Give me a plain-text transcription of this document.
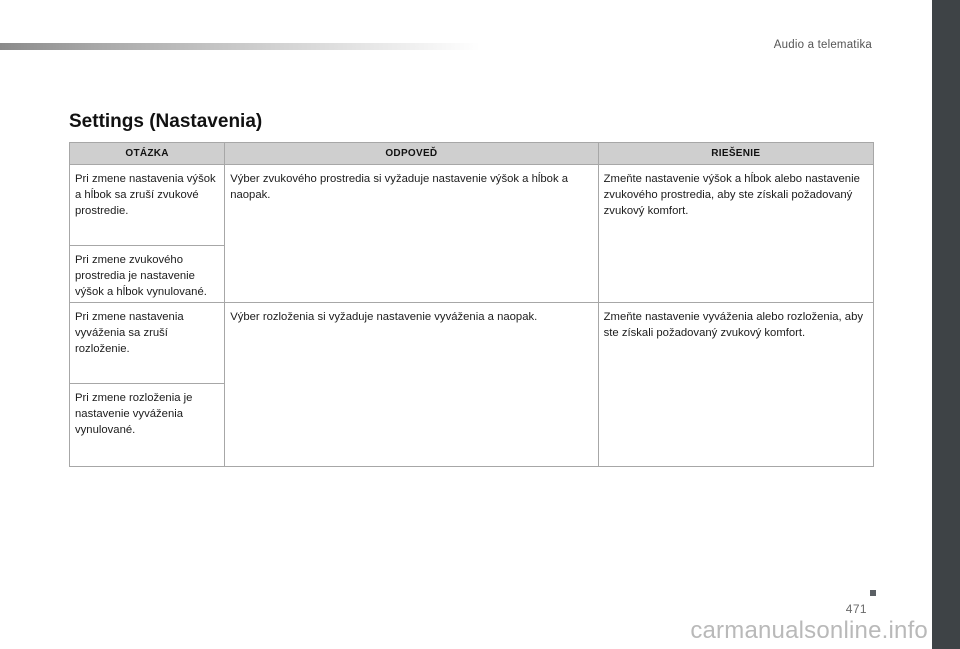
Audio a telematika
Settings (Nastavenia)
OTÁZKA	ODPOVEĎ	RIEŠENIE
Pri zmene nastavenia výšok a hĺbok sa zruší zvukové prostredie.	Výber zvukového prostredia si vyžaduje nastavenie výšok a hĺbok a naopak.	Zmeňte nastavenie výšok a hĺbok alebo nastavenie zvukového prostredia, aby ste získali požadovaný zvukový komfort.
Pri zmene zvukového prostredia je nastavenie výšok a hĺbok vynulované.		
Pri zmene nastavenia vyváženia sa zruší rozloženie.	Výber rozloženia si vyžaduje nastavenie vyváženia a naopak.	Zmeňte nastavenie vyváženia alebo rozloženia, aby ste získali požadovaný zvukový komfort.
Pri zmene rozloženia je nastavenie vyváženia vynulované.		
471
carmanualsonline.info
